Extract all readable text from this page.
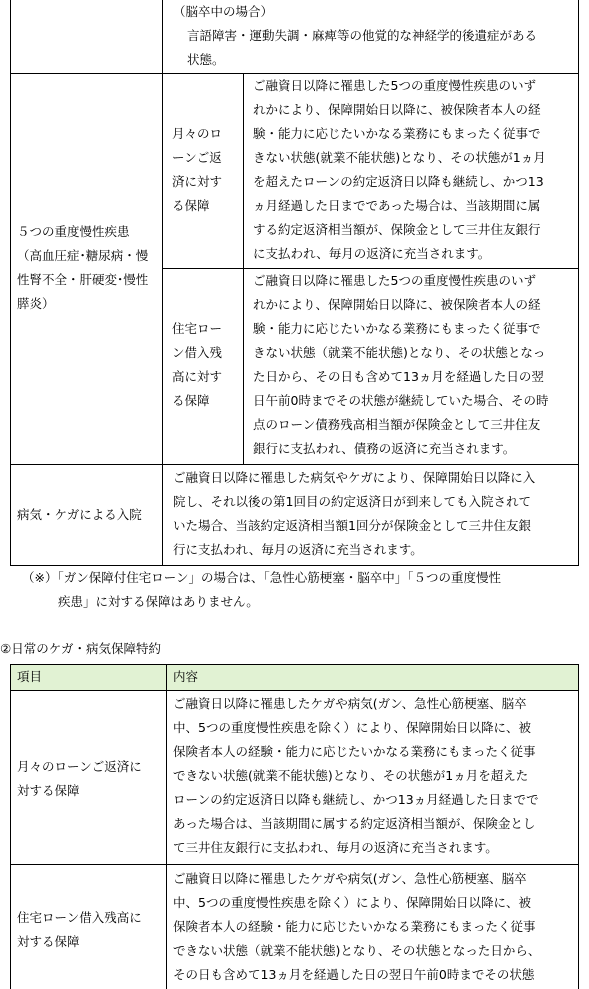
（脳卒中の場合）
言語障害・運動失調・麻痺等の他覚的な神経学的後遺症がある
状態。
５つの重度慢性疾患
（高血圧症･糖尿病・慢
性腎不全・肝硬変･慢性
膵炎）
月々のロ
ーンご返
済に対す
る保障
ご融資日以降に罹患した5つの重度慢性疾患のいず
れかにより、保障開始日以降に、被保険者本人の経
験・能力に応じたいかなる業務にもまったく従事で
きない状態(就業不能状態)となり、その状態が1ヵ月
を超えたローンの約定返済日以降も継続し、かつ13
ヵ月経過した日までであった場合は、当該期間に属
する約定返済相当額が、保険金として三井住友銀行
に支払われ、毎月の返済に充当されます。
住宅ロー
ン借入残
高に対す
る保障
ご融資日以降に罹患した5つの重度慢性疾患のいず
れかにより、保障開始日以降に、被保険者本人の経
験・能力に応じたいかなる業務にもまったく従事で
きない状態（就業不能状態)となり、その状態となっ
た日から、その日も含めて13ヵ月を経過した日の翌
日午前0時までその状態が継続していた場合、その時
点のローン債務残高相当額が保険金として三井住友
銀行に支払われ、債務の返済に充当されます。
病気・ケガによる入院
ご融資日以降に罹患した病気やケガにより、保障開始日以降に入
院し、それ以後の第1回目の約定返済日が到来しても入院されて
いた場合、当該約定返済相当額1回分が保険金として三井住友銀
行に支払われ、毎月の返済に充当されます。
（※）「ガン保障付住宅ローン」の場合は、「急性心筋梗塞・脳卒中」「５つの重度慢性
疾患」に対する保障はありません。
②日常のケガ・病気保障特約
項目	内容
月々のローンご返済に
対する保障
ご融資日以降に罹患したケガや病気(ガン、急性心筋梗塞、脳卒
中、5つの重度慢性疾患を除く）により、保障開始日以降に、被
保険者本人の経験・能力に応じたいかなる業務にもまったく従事
できない状態(就業不能状態)となり、その状態が1ヵ月を超えた
ローンの約定返済日以降も継続し、かつ13ヵ月経過した日までで
あった場合は、当該期間に属する約定返済相当額が、保険金とし
て三井住友銀行に支払われ、毎月の返済に充当されます。
住宅ローン借入残高に
対する保障
ご融資日以降に罹患したケガや病気(ガン、急性心筋梗塞、脳卒
中、5つの重度慢性疾患を除く）により、保障開始日以降に、被
保険者本人の経験・能力に応じたいかなる業務にもまったく従事
できない状態（就業不能状態)となり、その状態となった日から、
その日も含めて13ヵ月を経過した日の翌日午前0時までその状態
